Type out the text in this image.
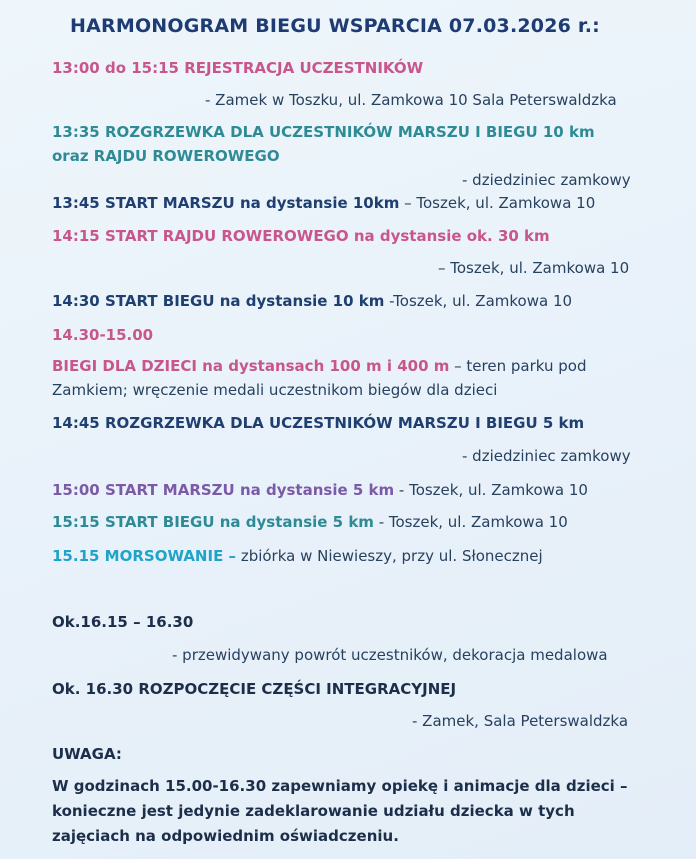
HARMONOGRAM BIEGU WSPARCIA 07.03.2026 r.:
13:00 do 15:15 REJESTRACJA UCZESTNIKÓW
- Zamek w Toszku, ul. Zamkowa 10 Sala Peterswaldzka
13:35 ROZGRZEWKA DLA UCZESTNIKÓW MARSZU I BIEGU 10 km
oraz RAJDU ROWEROWEGO
- dziedziniec zamkowy
13:45 START MARSZU na dystansie 10km – Toszek, ul. Zamkowa 10
14:15 START RAJDU ROWEROWEGO na dystansie ok. 30 km
– Toszek, ul. Zamkowa 10
14:30 START BIEGU na dystansie 10 km -Toszek, ul. Zamkowa 10
14.30-15.00
BIEGI DLA DZIECI na dystansach 100 m i 400 m – teren parku pod
Zamkiem; wręczenie medali uczestnikom biegów dla dzieci
14:45 ROZGRZEWKA DLA UCZESTNIKÓW MARSZU I BIEGU 5 km
- dziedziniec zamkowy
15:00 START MARSZU na dystansie 5 km - Toszek, ul. Zamkowa 10
15:15 START BIEGU na dystansie 5 km - Toszek, ul. Zamkowa 10
15.15 MORSOWANIE – zbiórka w Niewieszy, przy ul. Słonecznej
Ok.16.15 – 16.30
- przewidywany powrót uczestników, dekoracja medalowa
Ok. 16.30 ROZPOCZĘCIE CZĘŚCI INTEGRACYJNEJ
- Zamek, Sala Peterswaldzka
UWAGA:
W godzinach 15.00-16.30 zapewniamy opiekę i animacje dla dzieci –
konieczne jest jedynie zadeklarowanie udziału dziecka w tych
zajęciach na odpowiednim oświadczeniu.
